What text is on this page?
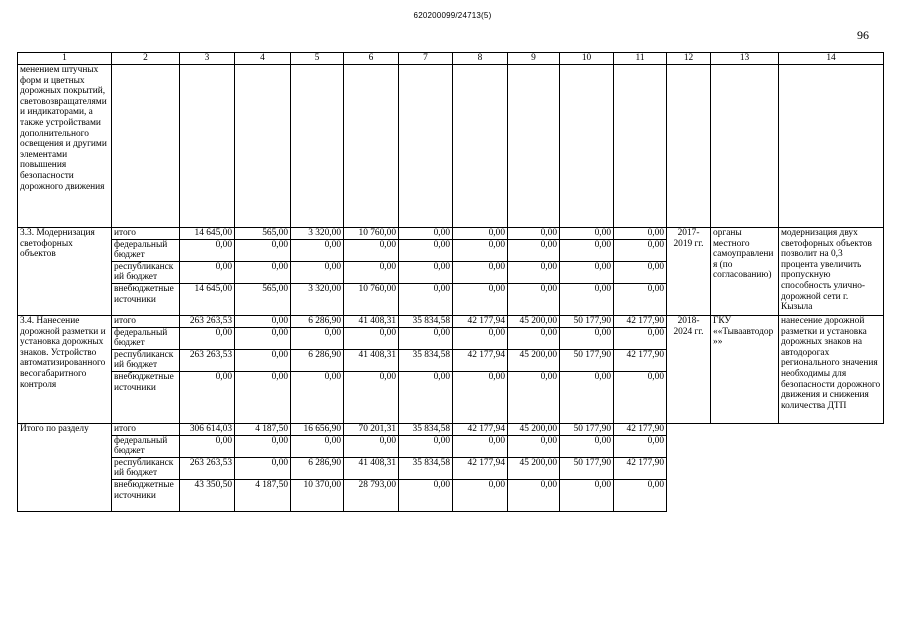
620200099/24713(5)
96
1	2	3	4	5	6	7	8	9	10	11	12	13	14
менением штучных форм и цветных дорожных покрытий, световозвращателями и индикаторами, а также устройствами дополнительного освещения и другими элементами повышения безопасности дорожного движения													
3.3. Модернизация светофорных объектов	итого	14 645,00	565,00	3 320,00	10 760,00	0,00	0,00	0,00	0,00	0,00	2017-2019 гг.	органы местного самоуправления (по согласованию)	модернизация двух светофорных объектов позволит на 0,3 процента увеличить пропускную способность улично-дорожной сети г. Кызыла
	федеральный бюджет	0,00	0,00	0,00	0,00	0,00	0,00	0,00	0,00	0,00			
	республиканский бюджет	0,00	0,00	0,00	0,00	0,00	0,00	0,00	0,00	0,00			
	внебюджетные источники	14 645,00	565,00	3 320,00	10 760,00	0,00	0,00	0,00	0,00	0,00			
3.4. Нанесение дорожной разметки и установка дорожных знаков. Устройство автоматизированного весогабаритного контроля	итого	263 263,53	0,00	6 286,90	41 408,31	35 834,58	42 177,94	45 200,00	50 177,90	42 177,90	2018-2024 гг.	ГКУ ««Тываавтодор»»	нанесение дорожной разметки и установка дорожных знаков на автодорогах регионального значения необходимы для безопасности дорожного движения и снижения количества ДТП
	федеральный бюджет	0,00	0,00	0,00	0,00	0,00	0,00	0,00	0,00	0,00			
	республиканский бюджет	263 263,53	0,00	6 286,90	41 408,31	35 834,58	42 177,94	45 200,00	50 177,90	42 177,90			
	внебюджетные источники	0,00	0,00	0,00	0,00	0,00	0,00	0,00	0,00	0,00			
Итого по разделу	итого	306 614,03	4 187,50	16 656,90	70 201,31	35 834,58	42 177,94	45 200,00	50 177,90	42 177,90			
	федеральный бюджет	0,00	0,00	0,00	0,00	0,00	0,00	0,00	0,00	0,00			
	республиканский бюджет	263 263,53	0,00	6 286,90	41 408,31	35 834,58	42 177,94	45 200,00	50 177,90	42 177,90			
	внебюджетные источники	43 350,50	4 187,50	10 370,00	28 793,00	0,00	0,00	0,00	0,00	0,00			
